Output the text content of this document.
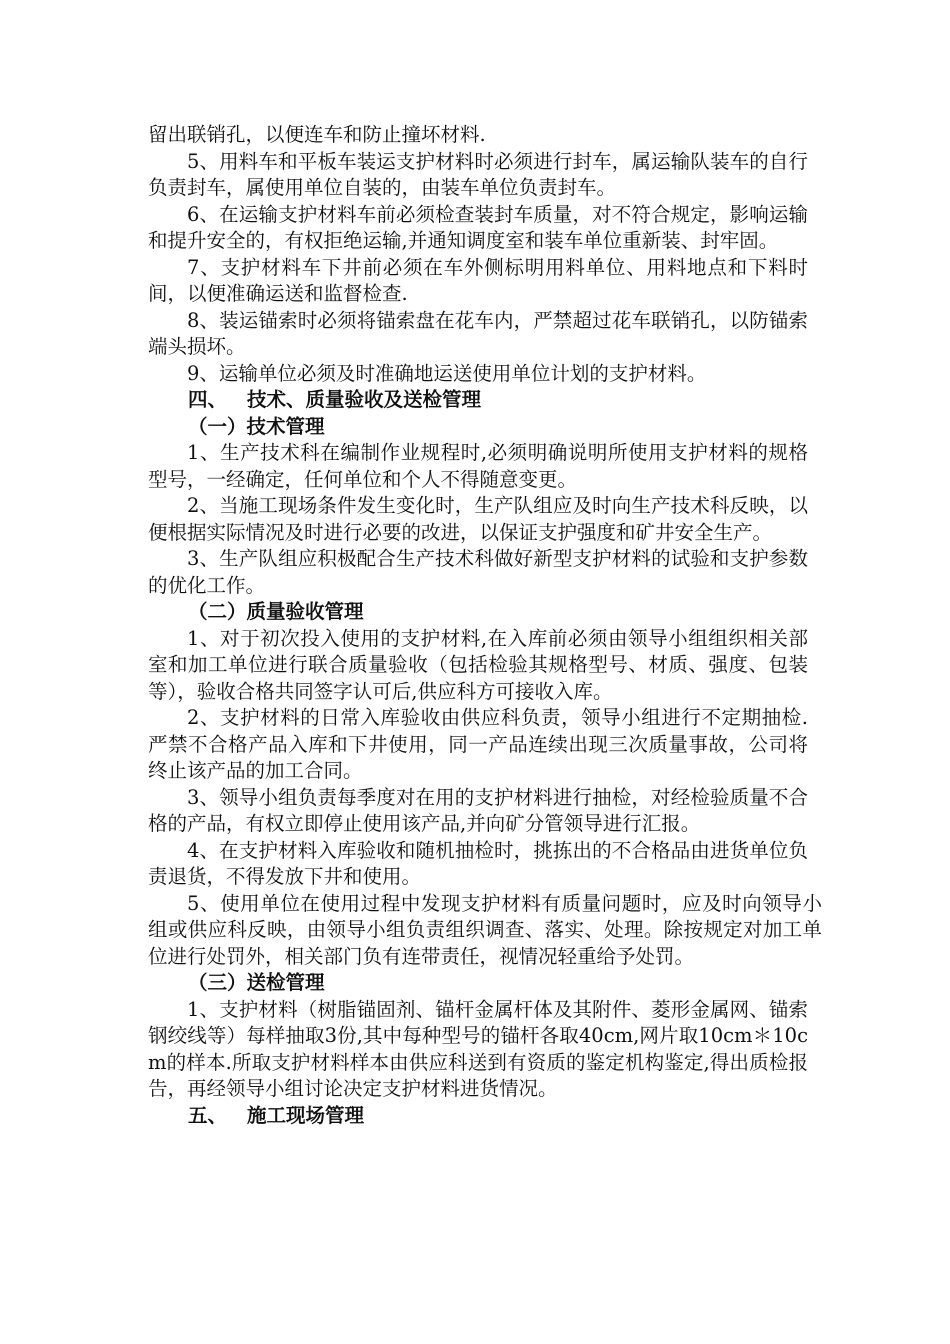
留出联销孔，以便连车和防止撞坏材料.

5、用料车和平板车装运支护材料时必须进行封车，属运输队装车的自行负责封车，属使用单位自装的，由装车单位负责封车。

6、在运输支护材料车前必须检查装封车质量，对不符合规定，影响运输和提升安全的，有权拒绝运输,并通知调度室和装车单位重新装、封牢固。

7、支护材料车下井前必须在车外侧标明用料单位、用料地点和下料时间，以便准确运送和监督检查.

8、装运锚索时必须将锚索盘在花车内，严禁超过花车联销孔，以防锚索端头损坏。

9、运输单位必须及时准确地运送使用单位计划的支护材料。

四、 技术、质量验收及送检管理
（一）技术管理

1、生产技术科在编制作业规程时,必须明确说明所使用支护材料的规格型号，一经确定，任何单位和个人不得随意变更。

2、当施工现场条件发生变化时，生产队组应及时向生产技术科反映，以便根据实际情况及时进行必要的改进，以保证支护强度和矿井安全生产。

3、生产队组应积极配合生产技术科做好新型支护材料的试验和支护参数的优化工作。

（二）质量验收管理

1、对于初次投入使用的支护材料,在入库前必须由领导小组组织相关部室和加工单位进行联合质量验收（包括检验其规格型号、材质、强度、包装等），验收合格共同签字认可后,供应科方可接收入库。

2、支护材料的日常入库验收由供应科负责，领导小组进行不定期抽检.严禁不合格产品入库和下井使用，同一产品连续出现三次质量事故，公司将终止该产品的加工合同。

3、领导小组负责每季度对在用的支护材料进行抽检，对经检验质量不合格的产品，有权立即停止使用该产品,并向矿分管领导进行汇报。

4、在支护材料入库验收和随机抽检时，挑拣出的不合格品由进货单位负责退货，不得发放下井和使用。

5、使用单位在使用过程中发现支护材料有质量问题时，应及时向领导小组或供应科反映，由领导小组负责组织调查、落实、处理。除按规定对加工单位进行处罚外，相关部门负有连带责任，视情况轻重给予处罚。

（三）送检管理

1、支护材料（树脂锚固剂、锚杆金属杆体及其附件、菱形金属网、锚索钢绞线等）每样抽取3份,其中每种型号的锚杆各取40cm,网片取10cm＊10cm的样本.所取支护材料样本由供应科送到有资质的鉴定机构鉴定,得出质检报告，再经领导小组讨论决定支护材料进货情况。

五、 施工现场管理
